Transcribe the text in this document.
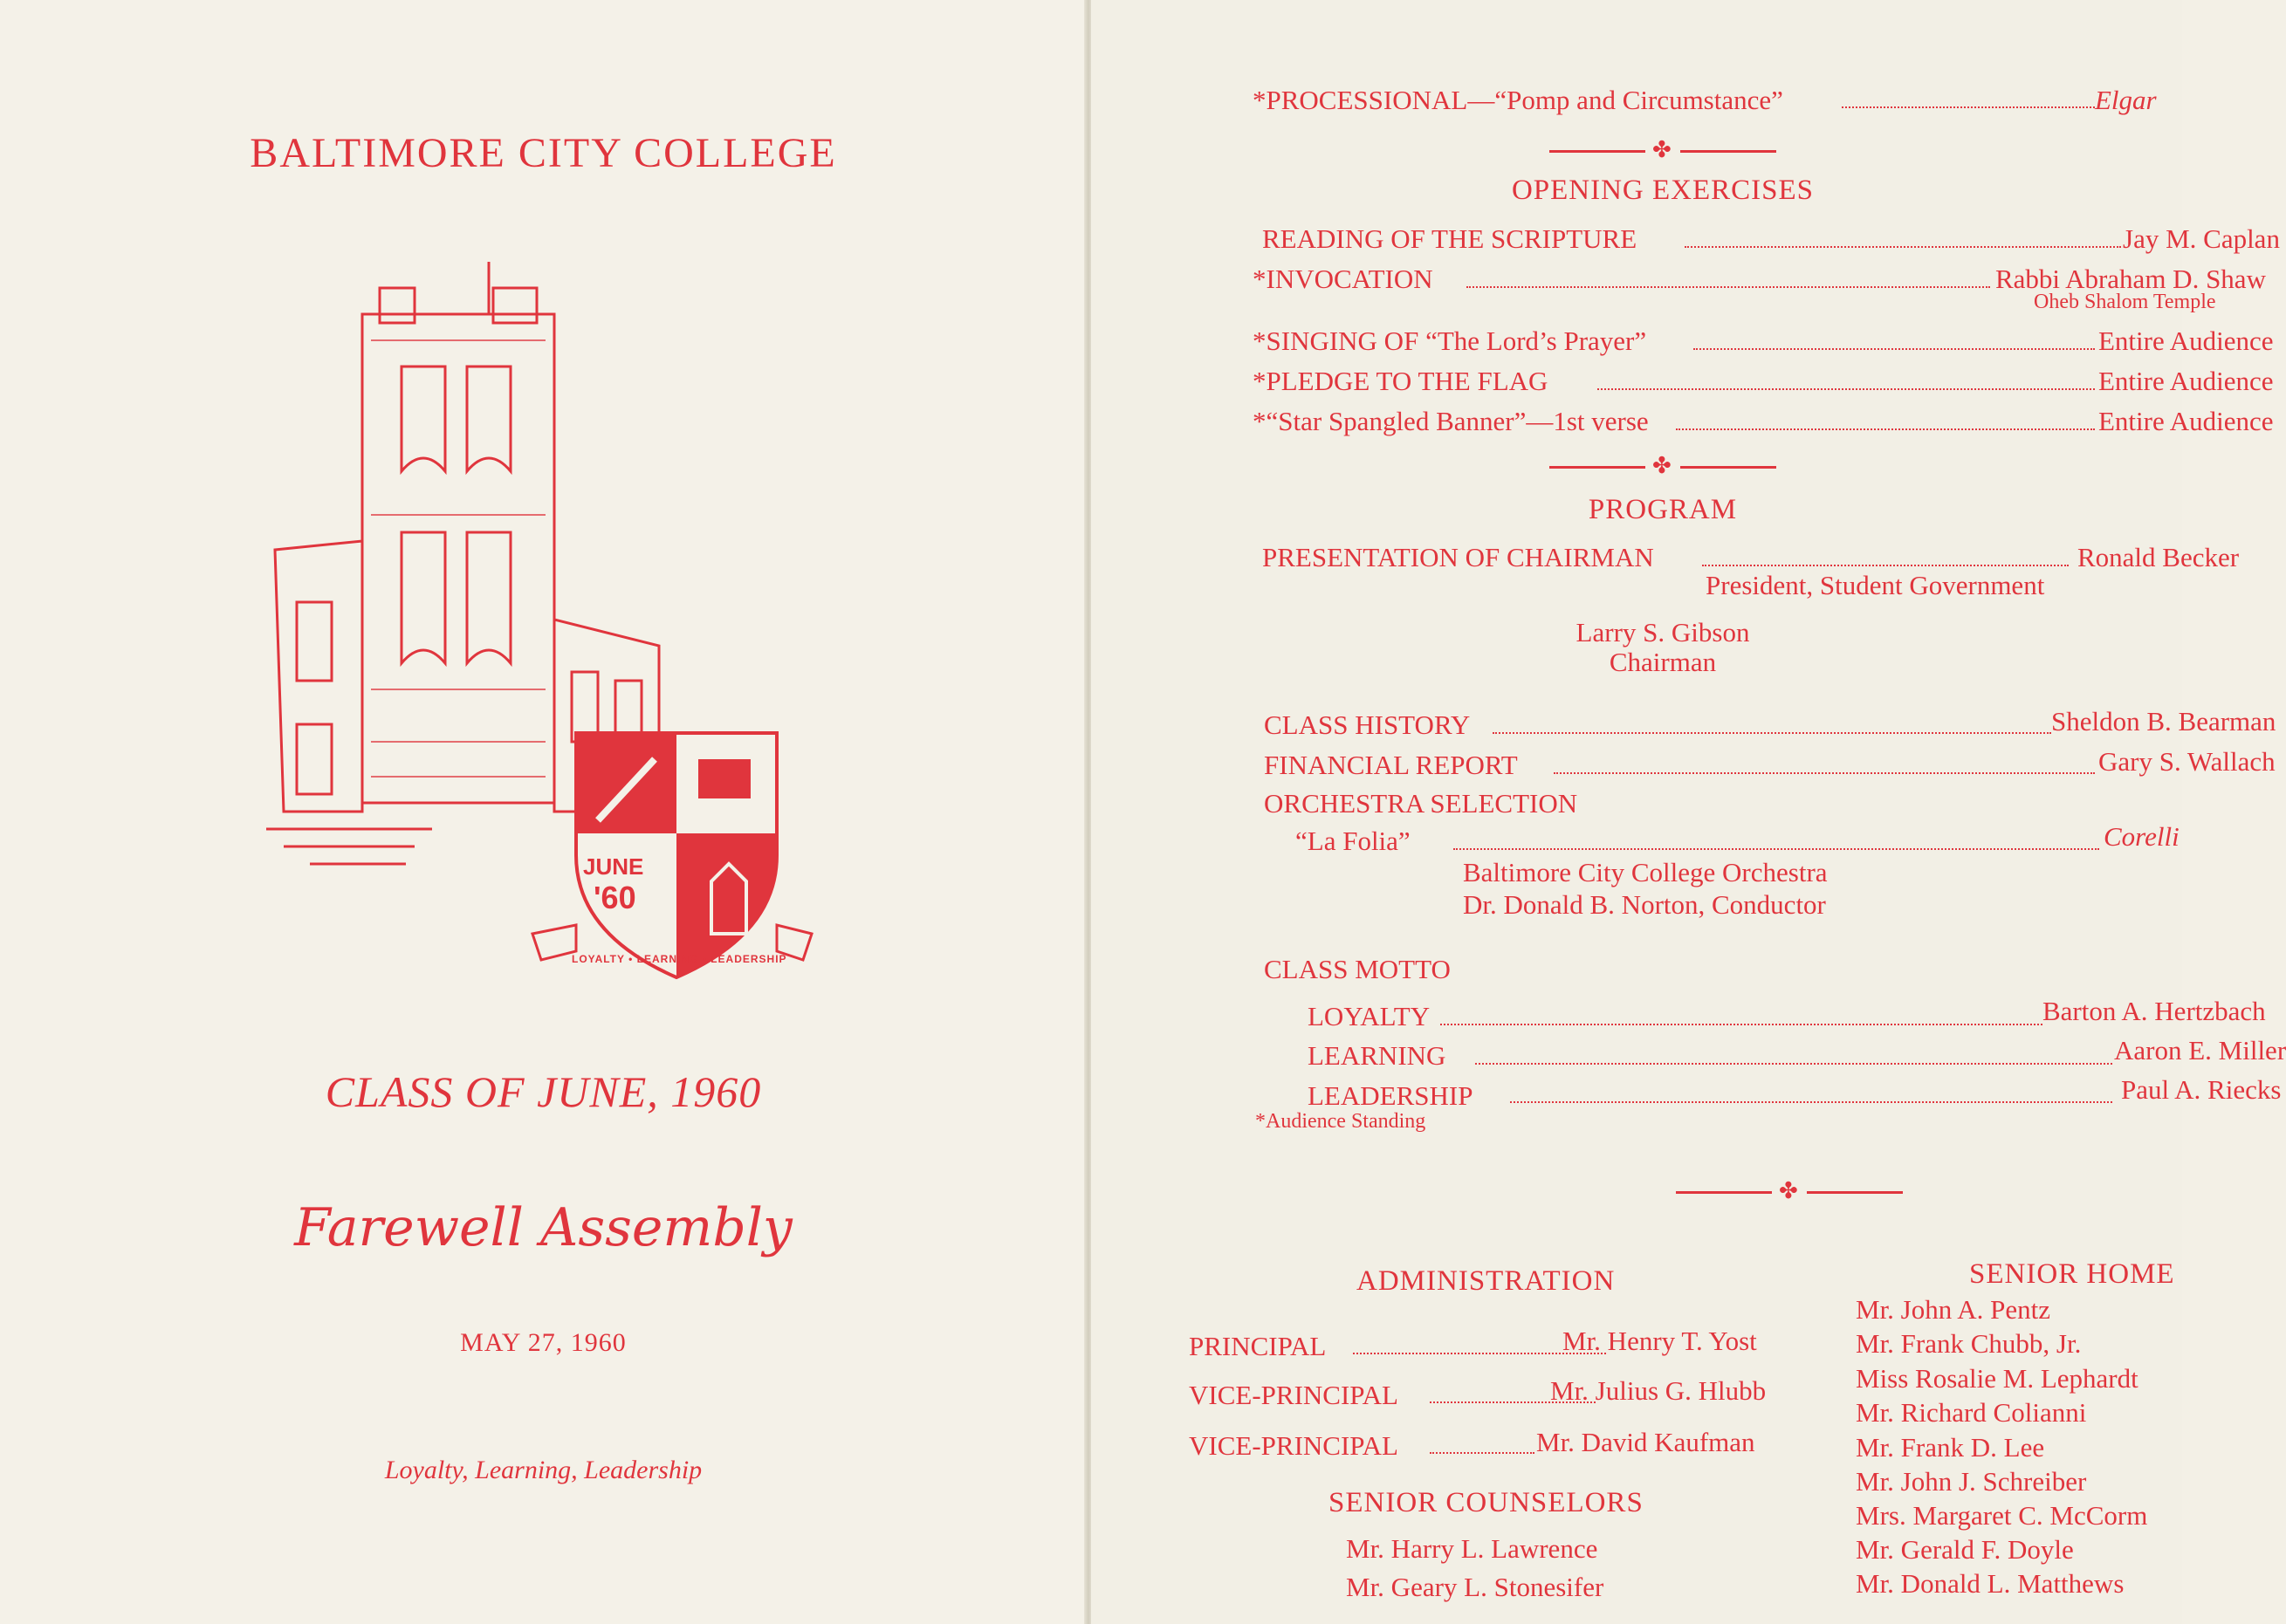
BALTIMORE CITY COLLEGE
JUNE
'60
LOYALTY • LEARNING • LEADERSHIP
CLASS OF JUNE, 1960
Farewell Assembly
MAY 27, 1960
Loyalty, Learning, Leadership
*PROCESSIONAL—“Pomp and Circumstance”	Elgar
✤
OPENING EXERCISES
READING OF THE SCRIPTURE	Jay M. Caplan
*INVOCATION	Rabbi Abraham D. Shaw
Oheb Shalom Temple
*SINGING OF “The Lord’s Prayer”	Entire Audience
*PLEDGE TO THE FLAG	Entire Audience
*“Star Spangled Banner”—1st verse	Entire Audience
✤
PROGRAM
PRESENTATION OF CHAIRMAN	Ronald Becker
President, Student Government
Larry S. Gibson
Chairman
CLASS HISTORY	Sheldon B. Bearman
FINANCIAL REPORT	Gary S. Wallach
ORCHESTRA SELECTION
“La Folia”	Corelli
Baltimore City College Orchestra
Dr. Donald B. Norton, Conductor
CLASS MOTTO
LOYALTY	Barton A. Hertzbach
LEARNING	Aaron E. Miller
LEADERSHIP	Paul A. Riecks
*Audience Standing
✤
ADMINISTRATION
PRINCIPAL	Mr. Henry T. Yost
VICE-PRINCIPAL	Mr. Julius G. Hlubb
VICE-PRINCIPAL	Mr. David Kaufman
SENIOR COUNSELORS
Mr. Harry L. Lawrence
Mr. Geary L. Stonesifer
SENIOR HOME
Mr. John A. Pentz
Mr. Frank Chubb, Jr.
Miss Rosalie M. Lephardt
Mr. Richard Colianni
Mr. Frank D. Lee
Mr. John J. Schreiber
Mrs. Margaret C. McCorm
Mr. Gerald F. Doyle
Mr. Donald L. Matthews
